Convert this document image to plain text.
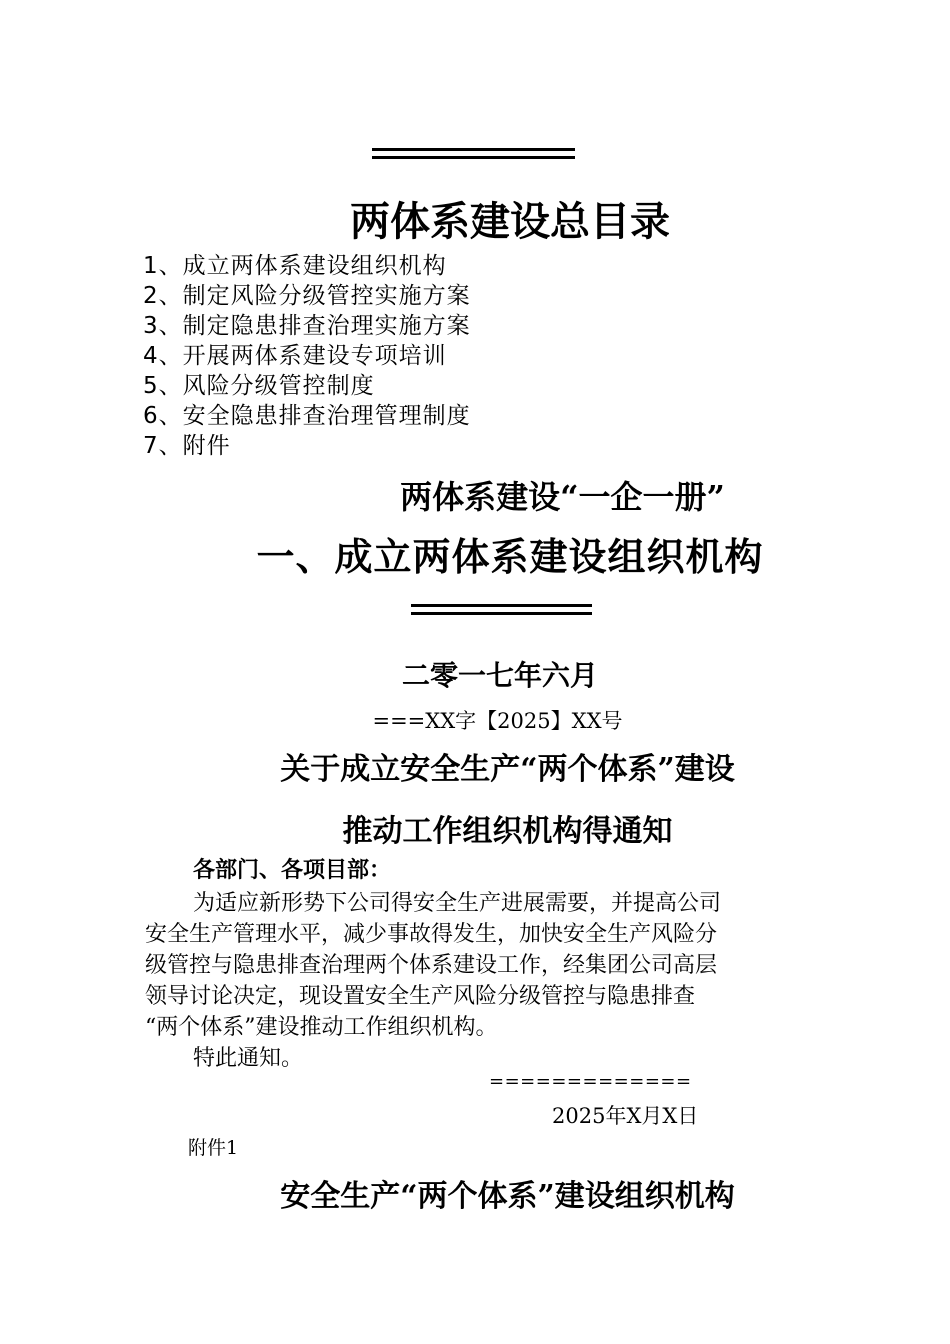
两体系建设总目录
1、成立两体系建设组织机构
2、制定风险分级管控实施方案
3、制定隐患排查治理实施方案
4、开展两体系建设专项培训
5、风险分级管控制度
6、安全隐患排查治理管理制度
7、附件
两体系建设“一企一册”
一、成立两体系建设组织机构
二零一七年六月
===XX字【2025】XX号
关于成立安全生产“两个体系”建设
推动工作组织机构得通知
各部门、各项目部：
为适应新形势下公司得安全生产进展需要，并提高公司
安全生产管理水平，减少事故得发生，加快安全生产风险分
级管控与隐患排查治理两个体系建设工作，经集团公司高层
领导讨论决定，现设置安全生产风险分级管控与隐患排查
“两个体系”建设推动工作组织机构。
特此通知。
=============
2025年X月X日
附件1
安全生产“两个体系”建设组织机构
